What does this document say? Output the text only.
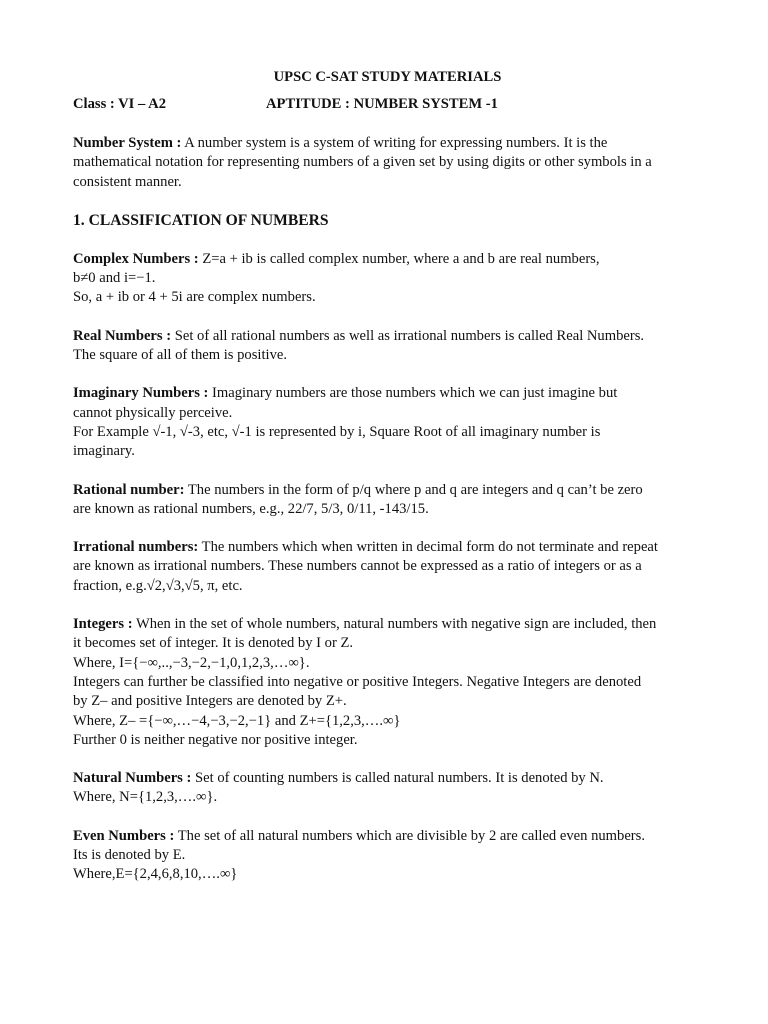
UPSC C-SAT STUDY MATERIALS
Class : VI – A2	APTITUDE : NUMBER SYSTEM -1
Number System : A number system is a system of writing for expressing numbers. It is the
mathematical notation for representing numbers of a given set by using digits or other symbols in a
consistent manner.
1. CLASSIFICATION OF NUMBERS
Complex Numbers : Z=a + ib is called complex number, where a and b are real numbers,
b≠0 and i=−1.
So, a + ib or 4 + 5i are complex numbers.
Real Numbers : Set of all rational numbers as well as irrational numbers is called Real Numbers.
The square of all of them is positive.
Imaginary Numbers : Imaginary numbers are those numbers which we can just imagine but
cannot physically perceive.
For Example √-1, √-3, etc, √-1 is represented by i, Square Root of all imaginary number is
imaginary.
Rational number: The numbers in the form of p/q where p and q are integers and q can’t be zero
are known as rational numbers, e.g., 22/7, 5/3, 0/11, -143/15.
Irrational numbers: The numbers which when written in decimal form do not terminate and repeat
are known as irrational numbers. These numbers cannot be expressed as a ratio of integers or as a
fraction, e.g.√2,√3,√5, π, etc.
Integers : When in the set of whole numbers, natural numbers with negative sign are included, then
it becomes set of integer. It is denoted by I or Z.
Where, I={−∞,..,−3,−2,−1,0,1,2,3,…∞}.
Integers can further be classified into negative or positive Integers. Negative Integers are denoted
by Z– and positive Integers are denoted by Z+.
Where, Z– ={−∞,…−4,−3,−2,−1} and Z+={1,2,3,….∞}
Further 0 is neither negative nor positive integer.
Natural Numbers : Set of counting numbers is called natural numbers. It is denoted by N.
Where, N={1,2,3,….∞}.
Even Numbers : The set of all natural numbers which are divisible by 2 are called even numbers.
Its is denoted by E.
Where,E={2,4,6,8,10,….∞}
